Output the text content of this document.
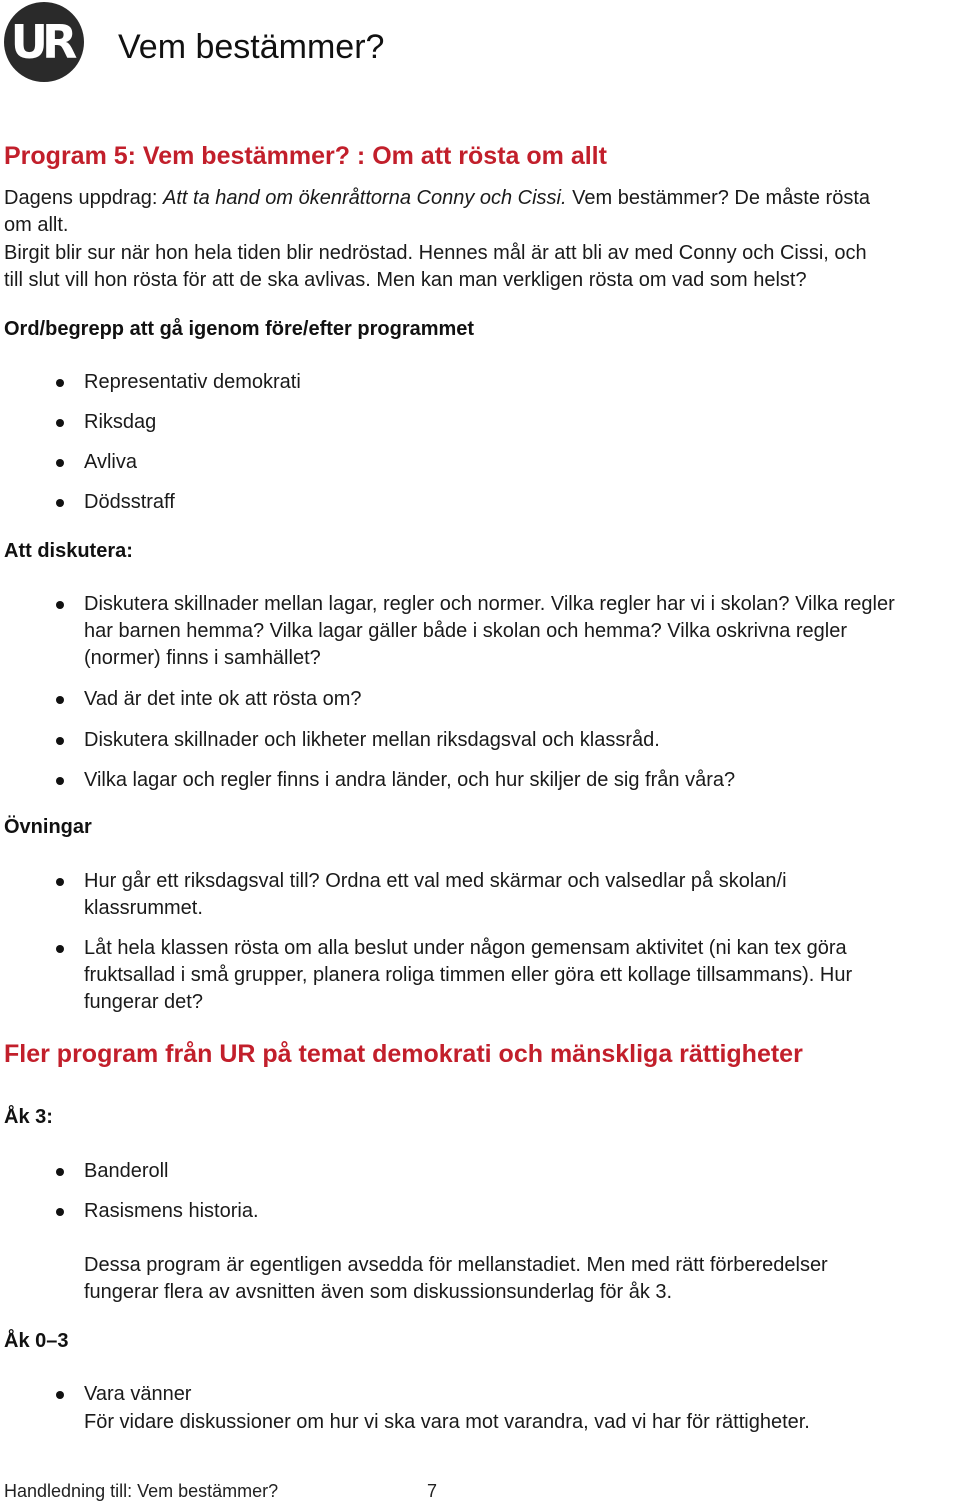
UR	Vem bestämmer?
Program 5: Vem bestämmer? : Om att rösta om allt
Dagens uppdrag: Att ta hand om ökenråttorna Conny och Cissi. Vem bestämmer? De måste rösta
om allt.
Birgit blir sur när hon hela tiden blir nedröstad. Hennes mål är att bli av med Conny och Cissi, och
till slut vill hon rösta för att de ska avlivas. Men kan man verkligen rösta om vad som helst?
Ord/begrepp att gå igenom före/efter programmet
Representativ demokrati
Riksdag
Avliva
Dödsstraff
Att diskutera:
Diskutera skillnader mellan lagar, regler och normer. Vilka regler har vi i skolan? Vilka regler
har barnen hemma? Vilka lagar gäller både i skolan och hemma? Vilka oskrivna regler
(normer) finns i samhället?
Vad är det inte ok att rösta om?
Diskutera skillnader och likheter mellan riksdagsval och klassråd.
Vilka lagar och regler finns i andra länder, och hur skiljer de sig från våra?
Övningar
Hur går ett riksdagsval till? Ordna ett val med skärmar och valsedlar på skolan/i
klassrummet.
Låt hela klassen rösta om alla beslut under någon gemensam aktivitet (ni kan tex göra
fruktsallad i små grupper, planera roliga timmen eller göra ett kollage tillsammans). Hur
fungerar det?
Fler program från UR på temat demokrati och mänskliga rättigheter
Åk 3:
Banderoll
Rasismens historia.
Dessa program är egentligen avsedda för mellanstadiet. Men med rätt förberedelser
fungerar flera av avsnitten även som diskussionsunderlag för åk 3.
Åk 0–3
Vara vänner
För vidare diskussioner om hur vi ska vara mot varandra, vad vi har för rättigheter.
Handledning till: Vem bestämmer?	7
